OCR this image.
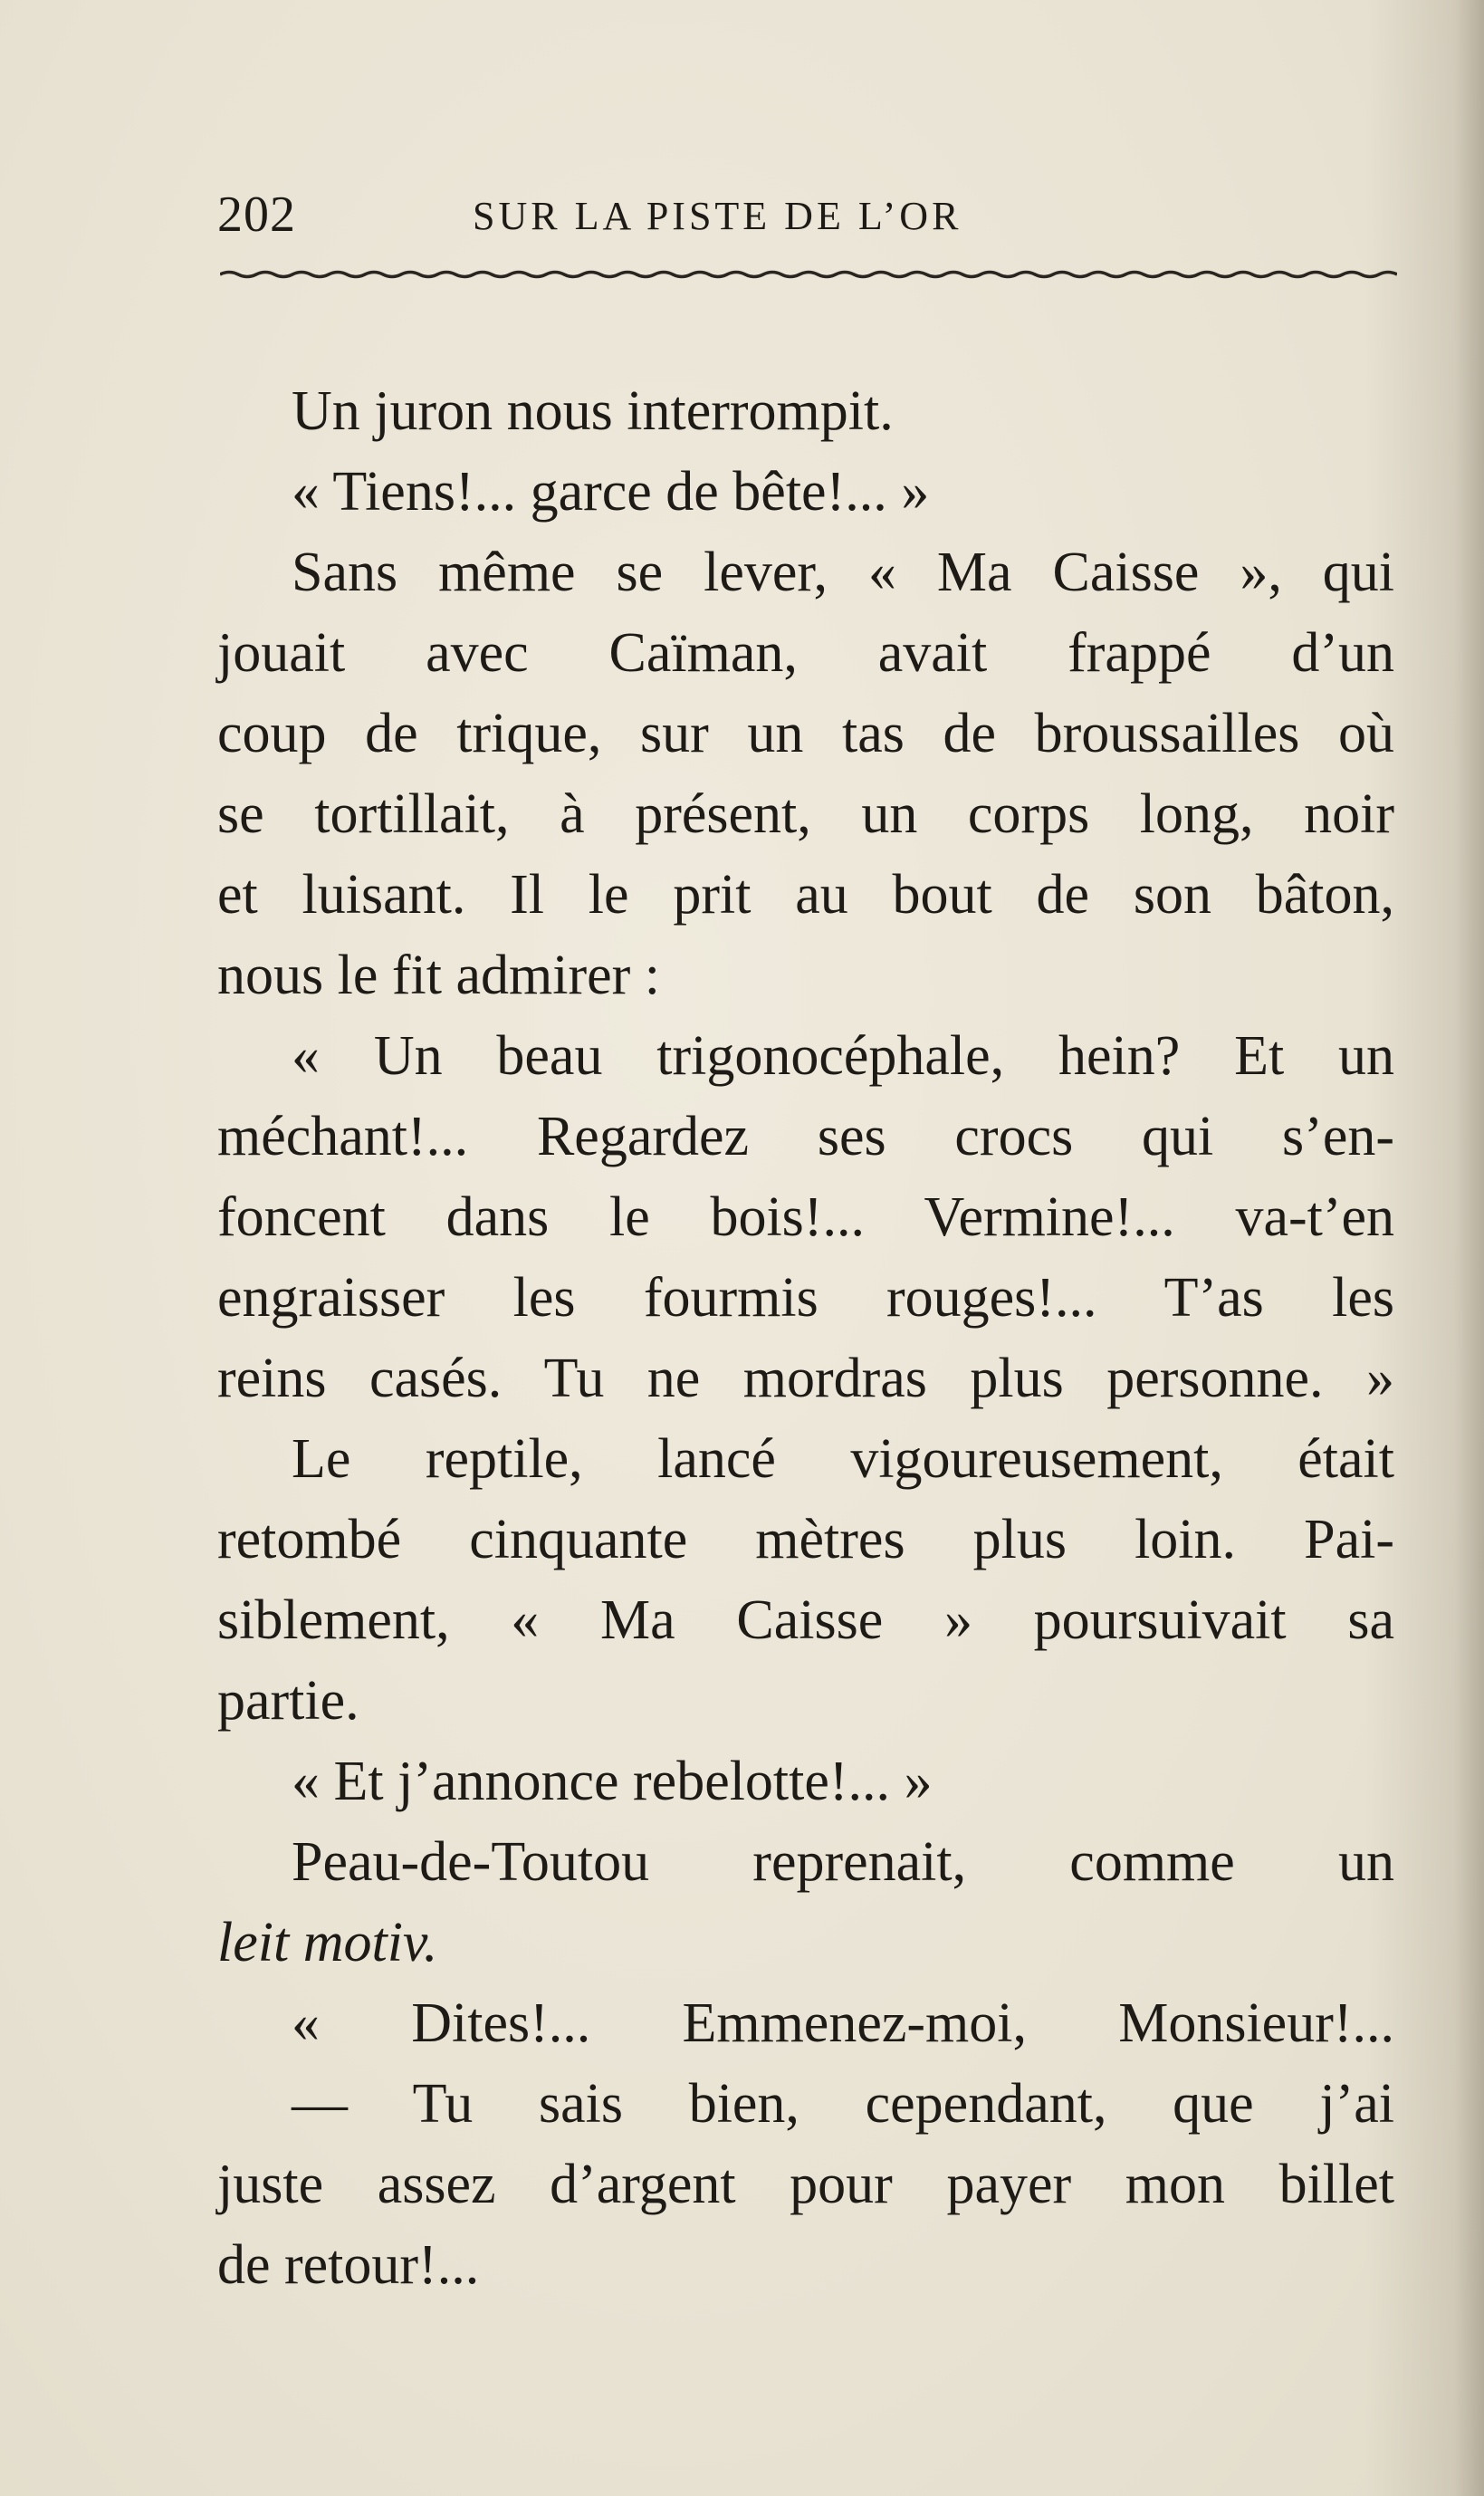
202	SUR LA PISTE DE L’OR
Un juron nous interrompit.
« Tiens!... garce de bête!... »
Sans même se lever, « Ma Caisse », qui
jouait avec Caïman, avait frappé d’un
coup de trique, sur un tas de broussailles où
se tortillait, à présent, un corps long, noir
et luisant. Il le prit au bout de son bâton,
nous le fit admirer :
« Un beau trigonocéphale, hein? Et un
méchant!... Regardez ses crocs qui s’en-
foncent dans le bois!... Vermine!... va-t’en
engraisser les fourmis rouges!... T’as les
reins casés. Tu ne mordras plus personne. »
Le reptile, lancé vigoureusement, était
retombé cinquante mètres plus loin. Pai-
siblement, « Ma Caisse » poursuivait sa
partie.
« Et j’annonce rebelotte!... »
Peau-de-Toutou reprenait, comme un
leit motiv.
« Dites!... Emmenez-moi, Monsieur!...
— Tu sais bien, cependant, que j’ai
juste assez d’argent pour payer mon billet
de retour!...
